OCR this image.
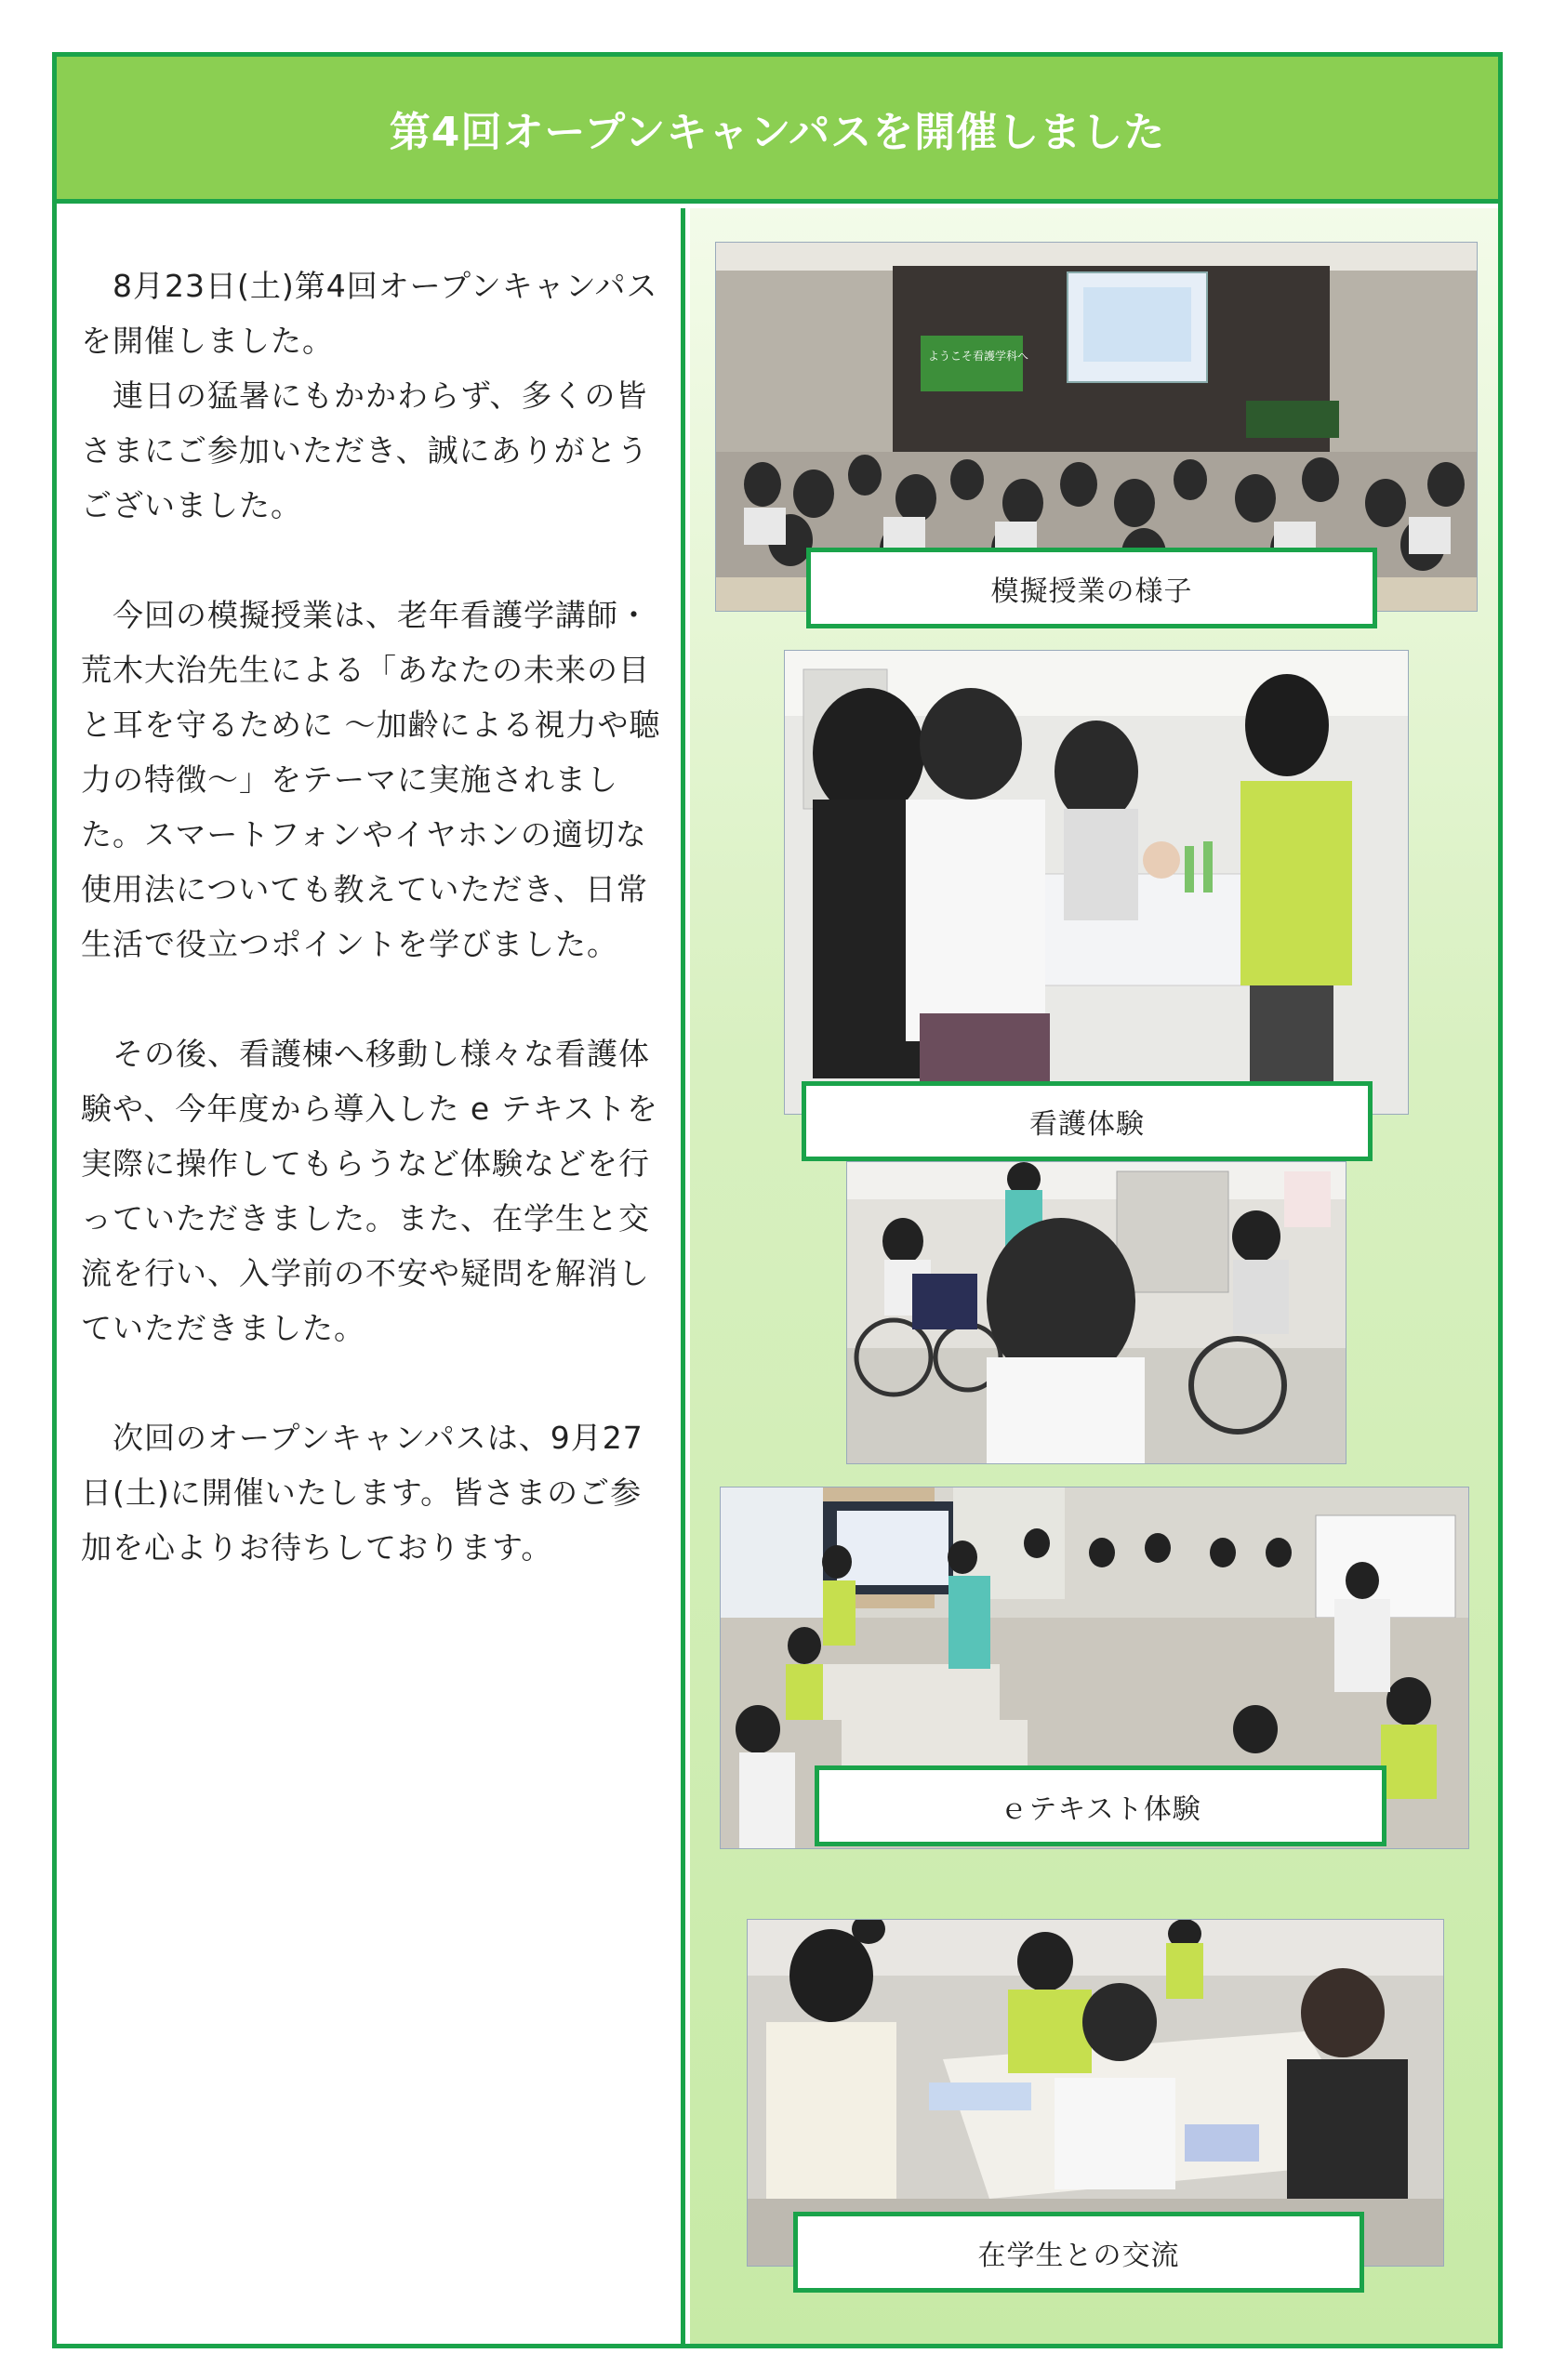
第4回オープンキャンパスを開催しました

　8月23日(土)第4回オープンキャンパスを開催しました。

　連日の猛暑にもかかわらず、多くの皆さまにご参加いただき、誠にありがとうございました。

　今回の模擬授業は、老年看護学講師・荒木大治先生による「あなたの未来の目と耳を守るために ～加齢による視力や聴力の特徴～」をテーマに実施されました。スマートフォンやイヤホンの適切な使用法についても教えていただき、日常生活で役立つポイントを学びました。

　その後、看護棟へ移動し様々な看護体験や、今年度から導入した e テキストを実際に操作してもらうなど体験などを行っていただきました。また、在学生と交流を行い、入学前の不安や疑問を解消していただきました。

　次回のオープンキャンパスは、9月27日(土)に開催いたします。皆さまのご参加を心よりお待ちしております。

ようこそ看護学科へ
模擬授業の様子
看護体験
ｅテキスト体験
在学生との交流
